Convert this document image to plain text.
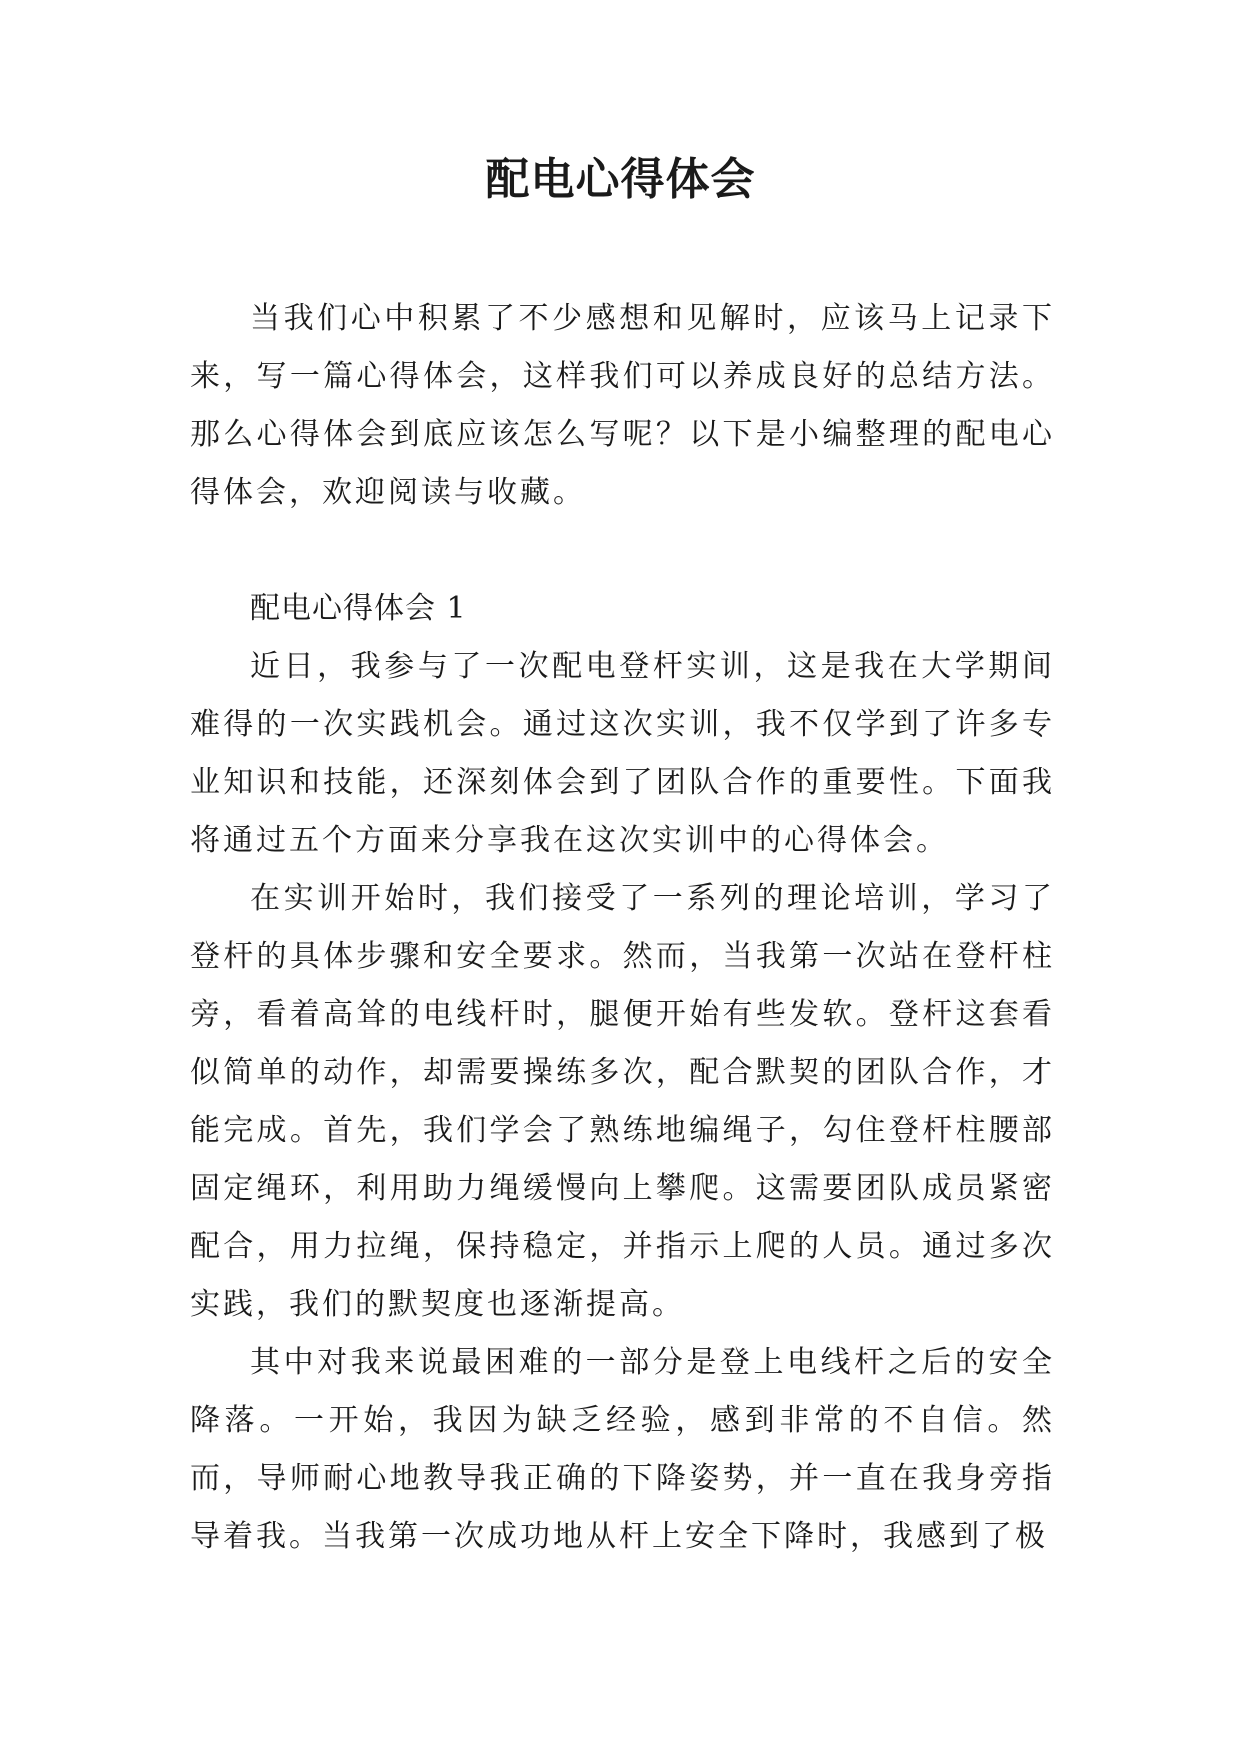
配电心得体会

当我们心中积累了不少感想和见解时，应该马上记录下来，写一篇心得体会，这样我们可以养成良好的总结方法。那么心得体会到底应该怎么写呢？以下是小编整理的配电心得体会，欢迎阅读与收藏。

配电心得体会 1

近日，我参与了一次配电登杆实训，这是我在大学期间难得的一次实践机会。通过这次实训，我不仅学到了许多专业知识和技能，还深刻体会到了团队合作的重要性。下面我将通过五个方面来分享我在这次实训中的心得体会。

在实训开始时，我们接受了一系列的理论培训，学习了登杆的具体步骤和安全要求。然而，当我第一次站在登杆柱旁，看着高耸的电线杆时，腿便开始有些发软。登杆这套看似简单的动作，却需要操练多次，配合默契的团队合作，才能完成。首先，我们学会了熟练地编绳子，勾住登杆柱腰部固定绳环，利用助力绳缓慢向上攀爬。这需要团队成员紧密配合，用力拉绳，保持稳定，并指示上爬的人员。通过多次实践，我们的默契度也逐渐提高。

其中对我来说最困难的一部分是登上电线杆之后的安全降落。一开始，我因为缺乏经验，感到非常的不自信。然而，导师耐心地教导我正确的下降姿势，并一直在我身旁指导着我。当我第一次成功地从杆上安全下降时，我感到了极
